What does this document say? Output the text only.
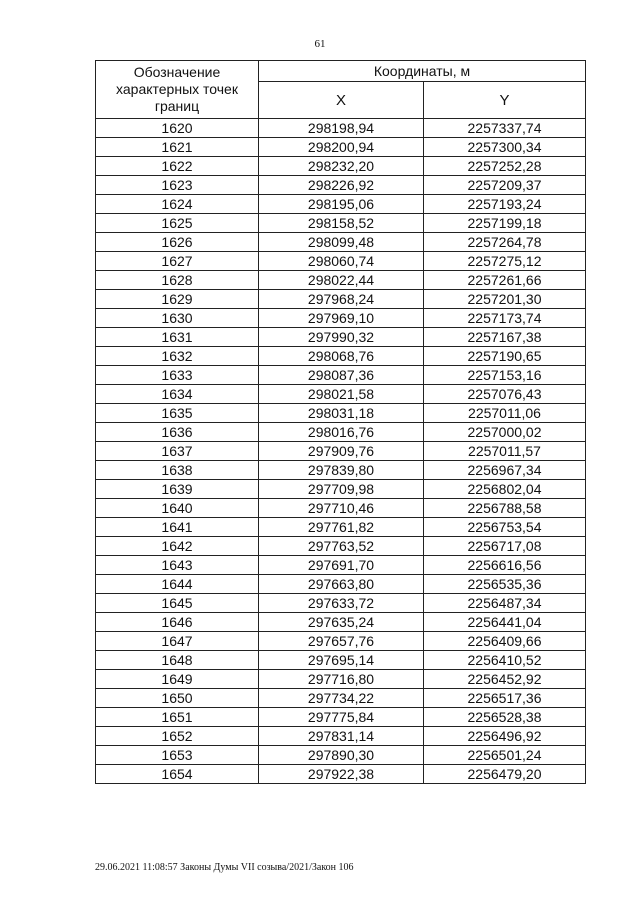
61
Обозначение характерных точек границ	Координаты, м	
	X	Y
1620	298198,94	2257337,74
1621	298200,94	2257300,34
1622	298232,20	2257252,28
1623	298226,92	2257209,37
1624	298195,06	2257193,24
1625	298158,52	2257199,18
1626	298099,48	2257264,78
1627	298060,74	2257275,12
1628	298022,44	2257261,66
1629	297968,24	2257201,30
1630	297969,10	2257173,74
1631	297990,32	2257167,38
1632	298068,76	2257190,65
1633	298087,36	2257153,16
1634	298021,58	2257076,43
1635	298031,18	2257011,06
1636	298016,76	2257000,02
1637	297909,76	2257011,57
1638	297839,80	2256967,34
1639	297709,98	2256802,04
1640	297710,46	2256788,58
1641	297761,82	2256753,54
1642	297763,52	2256717,08
1643	297691,70	2256616,56
1644	297663,80	2256535,36
1645	297633,72	2256487,34
1646	297635,24	2256441,04
1647	297657,76	2256409,66
1648	297695,14	2256410,52
1649	297716,80	2256452,92
1650	297734,22	2256517,36
1651	297775,84	2256528,38
1652	297831,14	2256496,92
1653	297890,30	2256501,24
1654	297922,38	2256479,20
29.06.2021 11:08:57 Законы Думы VII созыва/2021/Закон 106
